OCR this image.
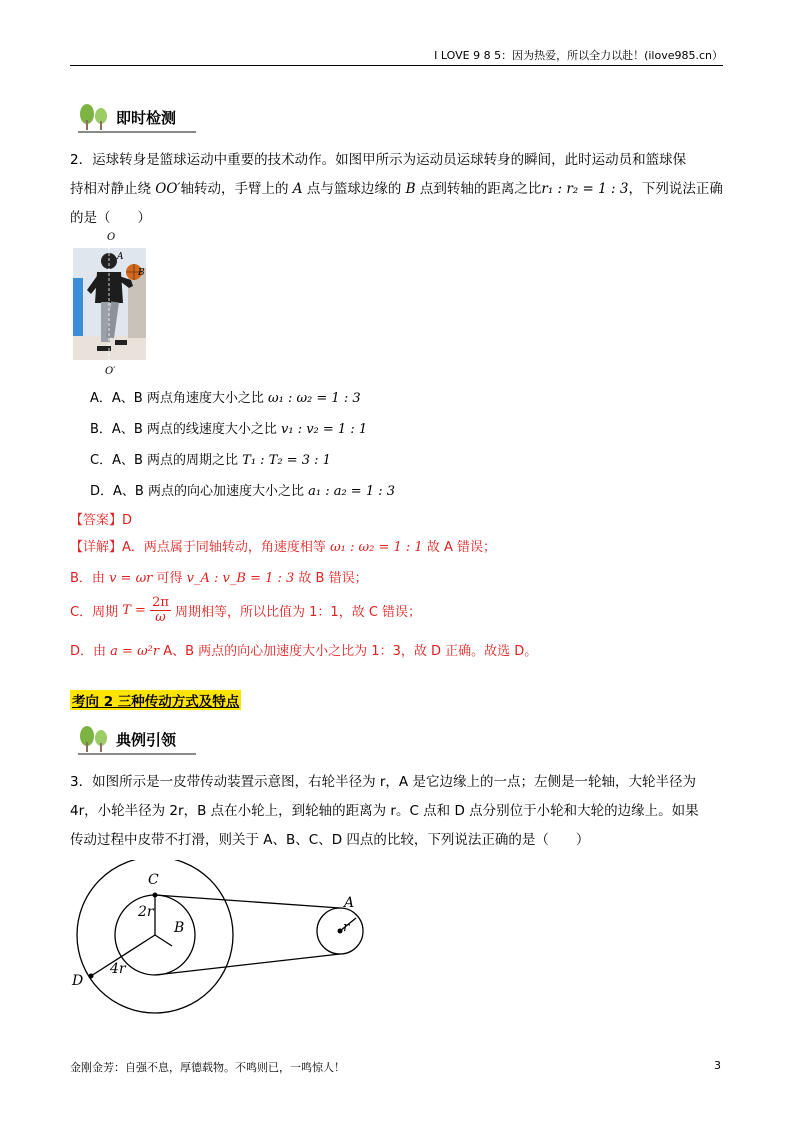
I LOVE 9 8 5：因为热爱，所以全力以赴！(ilove985.cn）
即时检测
2．运球转身是篮球运动中重要的技术动作。如图甲所示为运动员运球转身的瞬间，此时运动员和篮球保
持相对静止绕 OO′轴转动，手臂上的 A 点与篮球边缘的 B 点到转轴的距离之比r₁ : r₂ = 1 : 3，下列说法正确
的是（　　）
O
A
B
O′
A．A、B 两点角速度大小之比 ω₁ : ω₂ = 1 : 3
B．A、B 两点的线速度大小之比 v₁ : v₂ = 1 : 1
C．A、B 两点的周期之比 T₁ : T₂ = 3 : 1
D．A、B 两点的向心加速度大小之比 a₁ : a₂ = 1 : 3
【答案】D
【详解】A．两点属于同轴转动，角速度相等 ω₁ : ω₂ = 1 : 1 故 A 错误；
B．由 v = ωr 可得 v_A : v_B = 1 : 3 故 B 错误；
C．周期
T =
$\frac{2\pi}{\omega}$
周期相等，所以比值为 1：1，故 C 错误；
D．由 a = ω²r A、B 两点的向心加速度大小之比为 1：3，故 D 正确。故选 D。
考向 2 三种传动方式及特点
典例引领
3．如图所示是一皮带传动装置示意图，右轮半径为 r，A 是它边缘上的一点；左侧是一轮轴，大轮半径为
4r，小轮半径为 2r，B 点在小轮上，到轮轴的距离为 r。C 点和 D 点分别位于小轮和大轮的边缘上。如果
传动过程中皮带不打滑，则关于 A、B、C、D 四点的比较，下列说法正确的是（　　）
C
2r
B
4r
D
A
r
金刚金芳：自强不息，厚德载物。不鸣则已，一鸣惊人！	3
